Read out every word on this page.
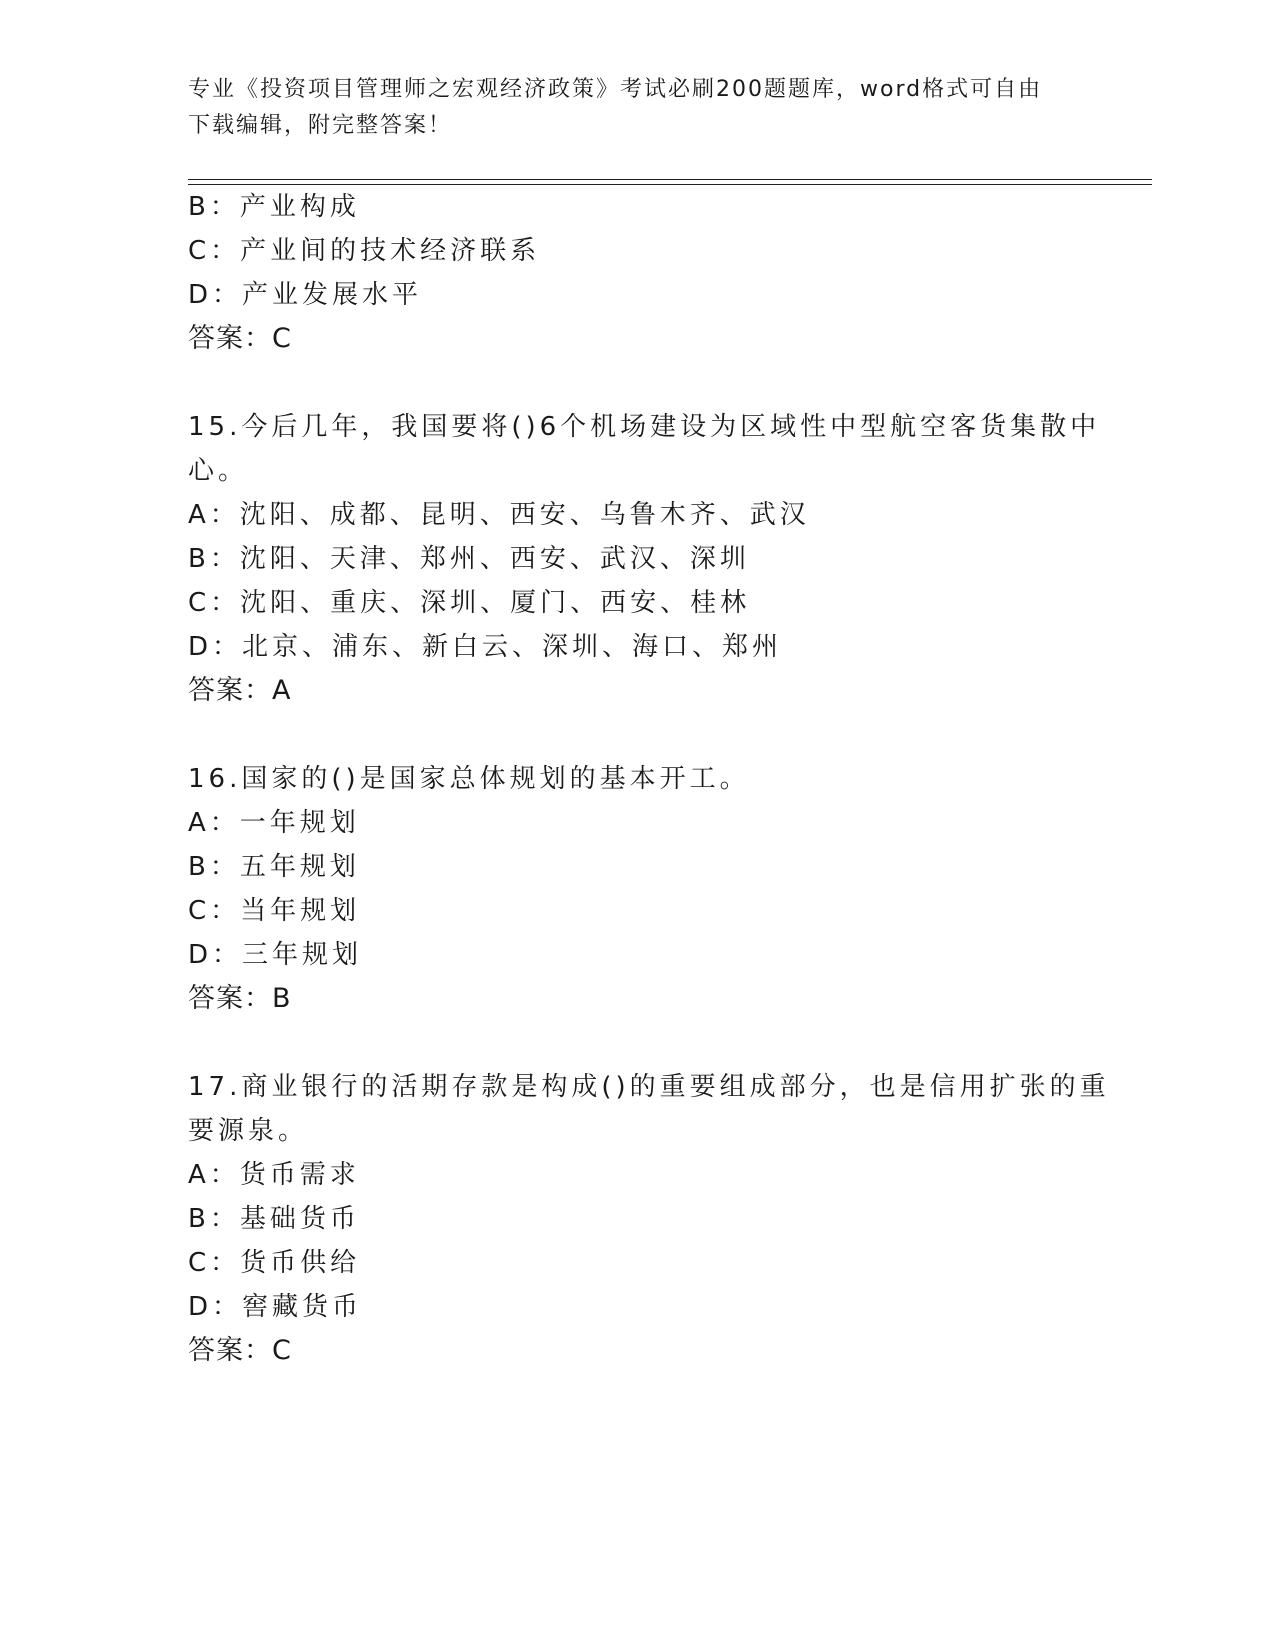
专业《投资项目管理师之宏观经济政策》考试必刷200题题库，word格式可自由
下载编辑，附完整答案！
B：产业构成
C：产业间的技术经济联系
D：产业发展水平
答案：C
15.今后几年，我国要将()6个机场建设为区域性中型航空客货集散中
心。
A：沈阳、成都、昆明、西安、乌鲁木齐、武汉
B：沈阳、天津、郑州、西安、武汉、深圳
C：沈阳、重庆、深圳、厦门、西安、桂林
D：北京、浦东、新白云、深圳、海口、郑州
答案：A
16.国家的()是国家总体规划的基本开工。
A：一年规划
B：五年规划
C：当年规划
D：三年规划
答案：B
17.商业银行的活期存款是构成()的重要组成部分，也是信用扩张的重
要源泉。
A：货币需求
B：基础货币
C：货币供给
D：窖藏货币
答案：C
